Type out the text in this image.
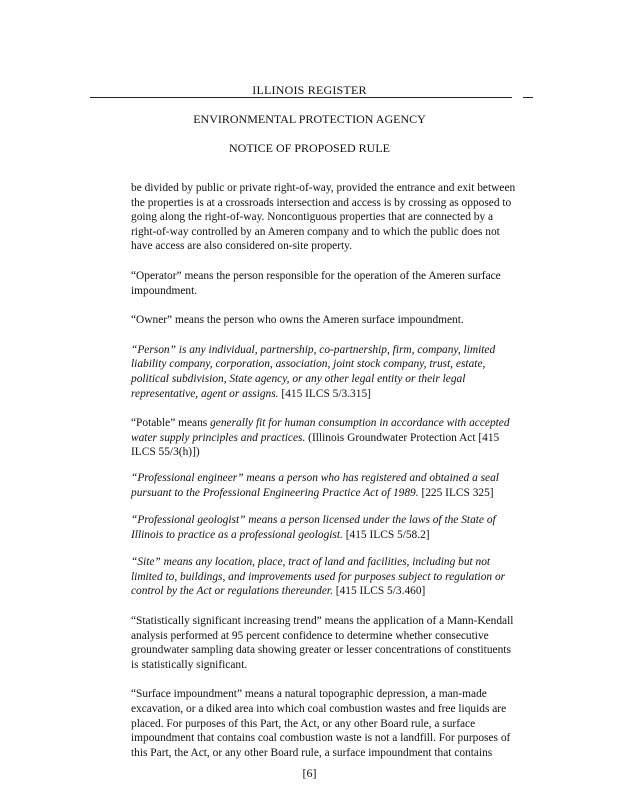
ILLINOIS REGISTER
ENVIRONMENTAL PROTECTION AGENCY
NOTICE OF PROPOSED RULE

be divided by public or private right-of-way, provided the entrance and exit between the properties is at a crossroads intersection and access is by crossing as opposed to going along the right-of-way. Noncontiguous properties that are connected by a right-of-way controlled by an Ameren company and to which the public does not have access are also considered on-site property.

“Operator” means the person responsible for the operation of the Ameren surface impoundment.

“Owner” means the person who owns the Ameren surface impoundment.

“Person” is any individual, partnership, co-partnership, firm, company, limited liability company, corporation, association, joint stock company, trust, estate, political subdivision, State agency, or any other legal entity or their legal representative, agent or assigns. [415 ILCS 5/3.315]

“Potable” means generally fit for human consumption in accordance with accepted water supply principles and practices. (Illinois Groundwater Protection Act [415 ILCS 55/3(h)])

“Professional engineer” means a person who has registered and obtained a seal pursuant to the Professional Engineering Practice Act of 1989. [225 ILCS 325]

“Professional geologist” means a person licensed under the laws of the State of Illinois to practice as a professional geologist. [415 ILCS 5/58.2]

“Site” means any location, place, tract of land and facilities, including but not limited to, buildings, and improvements used for purposes subject to regulation or control by the Act or regulations thereunder. [415 ILCS 5/3.460]

“Statistically significant increasing trend” means the application of a Mann-Kendall analysis performed at 95 percent confidence to determine whether consecutive groundwater sampling data showing greater or lesser concentrations of constituents is statistically significant.

“Surface impoundment” means a natural topographic depression, a man-made excavation, or a diked area into which coal combustion wastes and free liquids are placed. For purposes of this Part, the Act, or any other Board rule, a surface impoundment that contains coal combustion waste is not a landfill. For purposes of this Part, the Act, or any other Board rule, a surface impoundment that contains

[6]
